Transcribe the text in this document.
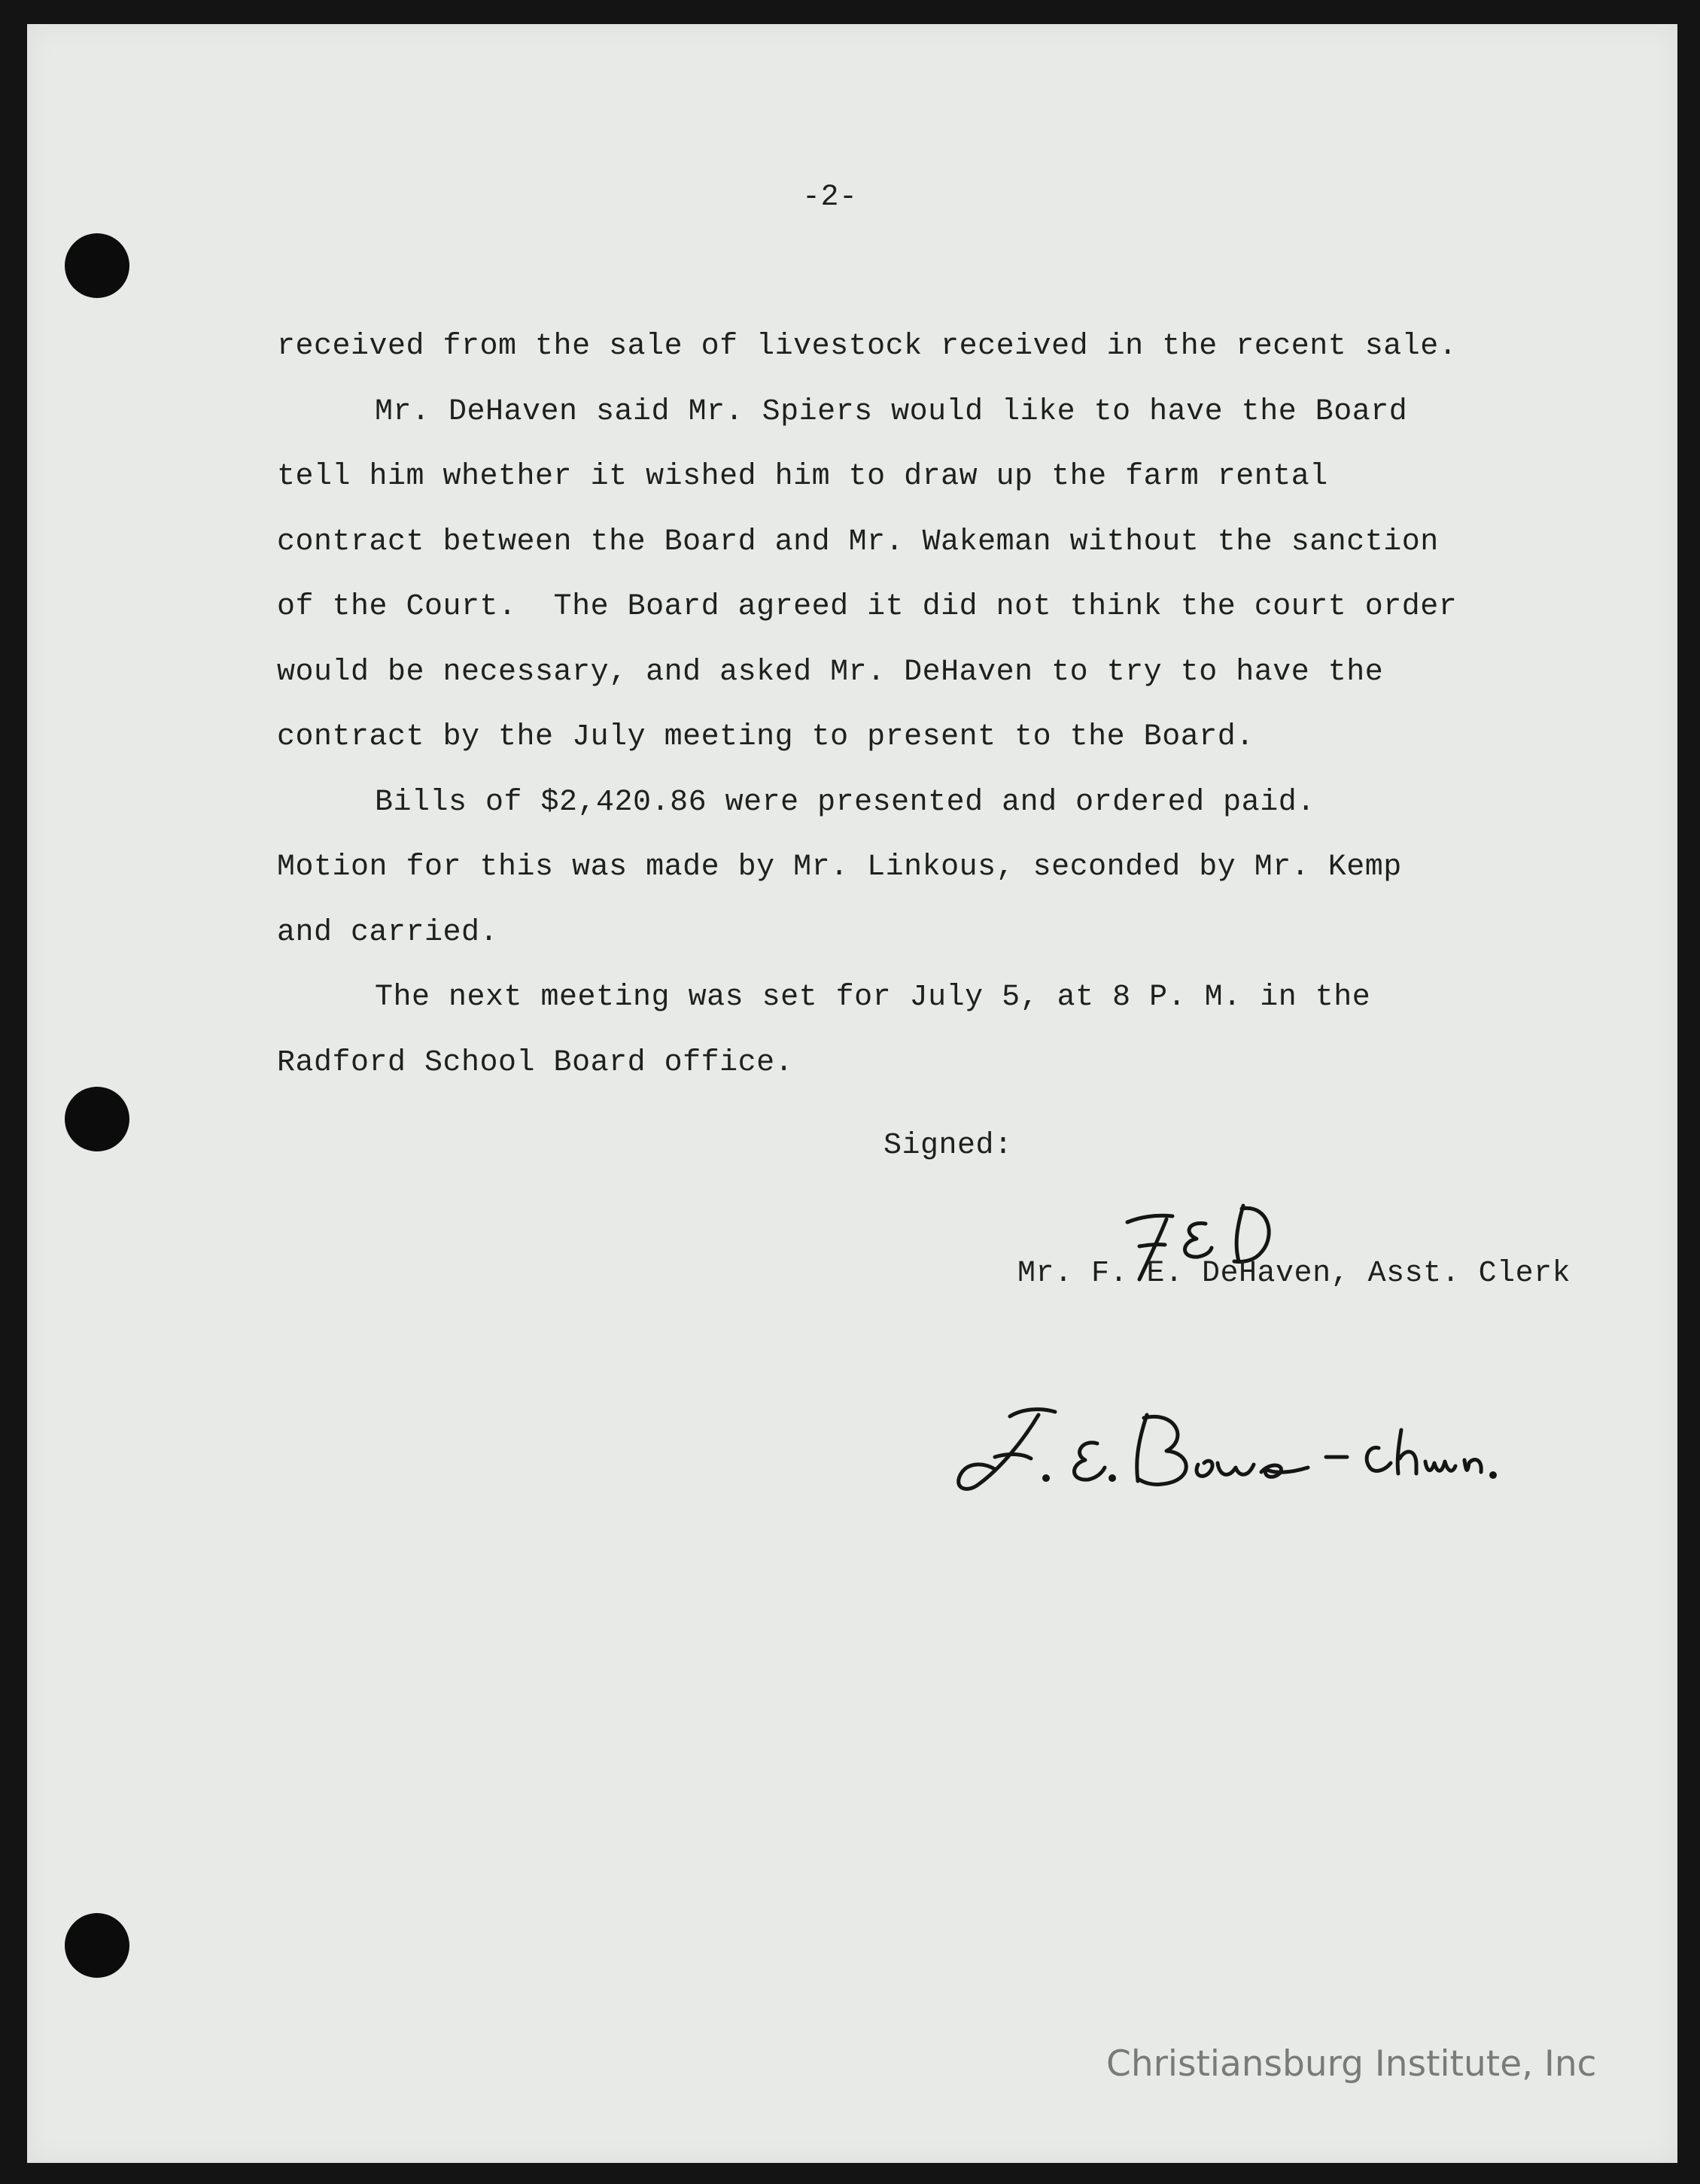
-2-
received from the sale of livestock received in the recent sale.
Mr. DeHaven said Mr. Spiers would like to have the Board
tell him whether it wished him to draw up the farm rental
contract between the Board and Mr. Wakeman without the sanction
of the Court.  The Board agreed it did not think the court order
would be necessary, and asked Mr. DeHaven to try to have the
contract by the July meeting to present to the Board.
Bills of $2,420.86 were presented and ordered paid.
Motion for this was made by Mr. Linkous, seconded by Mr. Kemp
and carried.
The next meeting was set for July 5, at 8 P. M. in the
Radford School Board office.
Signed:
Mr. F. E. DeHaven, Asst. Clerk
Christiansburg Institute, Inc
